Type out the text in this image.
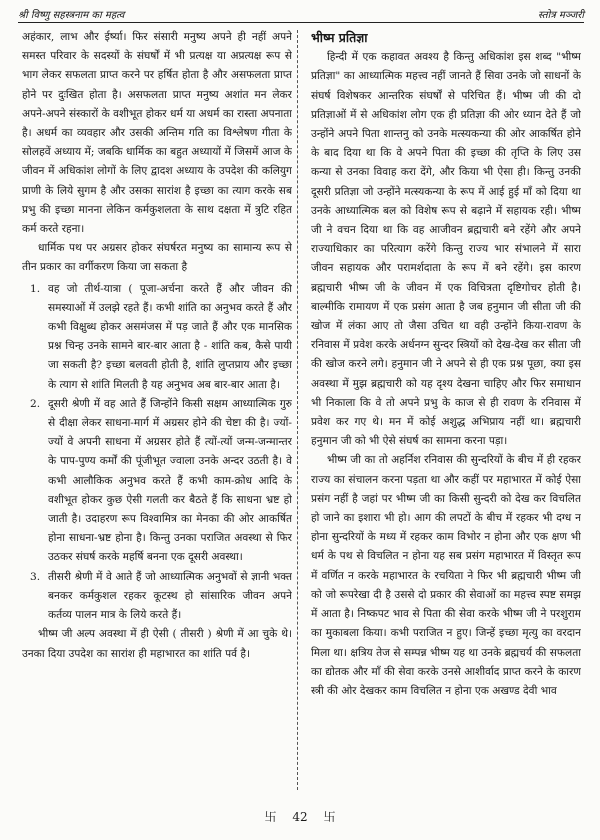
श्री विष्णु सहस्त्रनाम का महत्व	स्तोत्र मञ्जरी

अहंकार, लाभ और ईर्ष्या। फिर संसारी मनुष्य अपने ही नहीं अपने समस्त परिवार के सदस्यों के संघर्षों में भी प्रत्यक्ष या अप्रत्यक्ष रूप से भाग लेकर सफलता प्राप्त करने पर हर्षित होता है और असफलता प्राप्त होने पर दुःखित होता है। असफलता प्राप्त मनुष्य अशांत मन लेकर अपने-अपने संस्कारों के वशीभूत होकर धर्म या अधर्म का रास्ता अपनाता है। अधर्म का व्यवहार और उसकी अन्तिम गति का विश्लेषण गीता के सोलहवें अध्याय में; जबकि धार्मिक का बहुत अध्यायों में जिसमें आज के जीवन में अधिकांश लोगों के लिए द्वादश अध्याय के उपदेश की कलियुग प्राणी के लिये सुगम है और उसका सारांश है इच्छा का त्याग करके सब प्रभु की इच्छा मानना लेकिन कर्मकुशलता के साथ दक्षता में त्रुटि रहित कर्म करते रहना।

धार्मिक पथ पर अग्रसर होकर संघर्षरत मनुष्य का सामान्य रूप से तीन प्रकार का वर्गीकरण किया जा सकता है

1. वह जो तीर्थ-यात्रा ( पूजा-अर्चना करते हैं और जीवन की समस्याओं में उलझे रहते हैं। कभी शांति का अनुभव करते हैं और कभी विक्षुब्ध होकर असमंजस में पड़ जाते हैं और एक मानसिक प्रश्न चिन्ह उनके सामने बार-बार आता है - शांति कब, कैसे पायी जा सकती है? इच्छा बलवती होती है, शांति लुप्तप्राय और इच्छा के त्याग से शांति मिलती है यह अनुभव अब बार-बार आता है।
2. दूसरी श्रेणी में वह आते हैं जिन्होंने किसी सक्षम आध्यात्मिक गुरु से दीक्षा लेकर साधना-मार्ग में अग्रसर होने की चेष्टा की है। ज्यों-ज्यों वे अपनी साधना में अग्रसर होते हैं त्यों-त्यों जन्म-जन्मान्तर के पाप-पुण्य कर्मों की पूंजीभूत ज्वाला उनके अन्दर उठती है। वे कभी आलौकिक अनुभव करते हैं कभी काम-क्रोध आदि के वशीभूत होकर कुछ ऐसी गलती कर बैठते हैं कि साधना भ्रष्ट हो जाती है। उदाहरण रूप विश्वामित्र का मेनका की ओर आकर्षित होना साधना-भ्रष्ट होना है। किन्तु उनका पराजित अवस्था से फिर उठकर संघर्ष करके महर्षि बनना एक दूसरी अवस्था।
3. तीसरी श्रेणी में वे आते हैं जो आध्यात्मिक अनुभवों से ज्ञानी भक्त बनकर कर्मकुशल रहकर कूटस्थ हो सांसारिक जीवन अपने कर्तव्य पालन मात्र के लिये करते हैं।

भीष्म जी अल्प अवस्था में ही ऐसी ( तीसरी ) श्रेणी में आ चुके थे। उनका दिया उपदेश का सारांश ही महाभारत का शांति पर्व है।

भीष्म प्रतिज्ञा

हिन्दी में एक कहावत अवश्य है किन्तु अधिकांश इस शब्द "भीष्म प्रतिज्ञा" का आध्यात्मिक महत्त्व नहीं जानते हैं सिवा उनके जो साधनों के संघर्ष विशेषकर आन्तरिक संघर्षों से परिचित हैं। भीष्म जी की दो प्रतिज्ञाओं में से अधिकांश लोग एक ही प्रतिज्ञा की ओर ध्यान देते हैं जो उन्होंने अपने पिता शान्तनु को उनके मत्स्यकन्या की ओर आकर्षित होने के बाद दिया था कि वे अपने पिता की इच्छा की तृप्ति के लिए उस कन्या से उनका विवाह करा देंगे, और किया भी ऐसा ही। किन्तु उनकी दूसरी प्रतिज्ञा जो उन्होंने मत्स्यकन्या के रूप में आई हुई माँ को दिया था उनके आध्यात्मिक बल को विशेष रूप से बढ़ाने में सहायक रही। भीष्म जी ने वचन दिया था कि वह आजीवन ब्रह्मचारी बने रहेंगे और अपने राज्याधिकार का परित्याग करेंगे किन्तु राज्य भार संभालने में सारा जीवन सहायक और परामर्शदाता के रूप में बने रहेंगे। इस कारण ब्रह्मचारी भीष्म जी के जीवन में एक विचित्रता दृष्टिगोचर होती है। बाल्मीकि रामायण में एक प्रसंग आता है जब हनुमान जी सीता जी की खोज में लंका आए तो जैसा उचित था वही उन्होंने किया-रावण के रनिवास में प्रवेश करके अर्धनग्न सुन्दर स्त्रियों को देख-देख कर सीता जी की खोज करने लगे। हनुमान जी ने अपने से ही एक प्रश्न पूछा, क्या इस अवस्था में मुझ ब्रह्मचारी को यह दृश्य देखना चाहिए और फिर समाधान भी निकाला कि वे तो अपने प्रभु के काज से ही रावण के रनिवास में प्रवेश कर गए थे। मन में कोई अशुद्ध अभिप्राय नहीं था। ब्रह्मचारी हनुमान जी को भी ऐसे संघर्ष का सामना करना पड़ा।

भीष्म जी का तो अहर्निश रनिवास की सुन्दरियों के बीच में ही रहकर राज्य का संचालन करना पड़ता था और कहीं पर महाभारत में कोई ऐसा प्रसंग नहीं है जहां पर भीष्म जी का किसी सुन्दरी को देख कर विचलित हो जाने का इशारा भी हो। आग की लपटों के बीच में रहकर भी दग्ध न होना सुन्दरियों के मध्य में रहकर काम विभोर न होना और एक क्षण भी धर्म के पथ से विचलित न होना यह सब प्रसंग महाभारत में विस्तृत रूप में वर्णित न करके महाभारत के रचयिता ने फिर भी ब्रह्मचारी भीष्म जी को जो रूपरेखा दी है उससे दो प्रकार की सेवाओं का महत्त्व स्पष्ट समझ में आता है। निष्कपट भाव से पिता की सेवा करके भीष्म जी ने परशुराम का मुकाबला किया। कभी पराजित न हुए। जिन्हें इच्छा मृत्यु का वरदान मिला था। क्षत्रिय तेज से सम्पन्न भीष्म यह था उनके ब्रह्मचर्य की सफलता का द्योतक और माँ की सेवा करके उनसे आशीर्वाद प्राप्त करने के कारण स्त्री की ओर देखकर काम विचलित न होना एक अखण्ड देवी भाव

卐 42 卐
